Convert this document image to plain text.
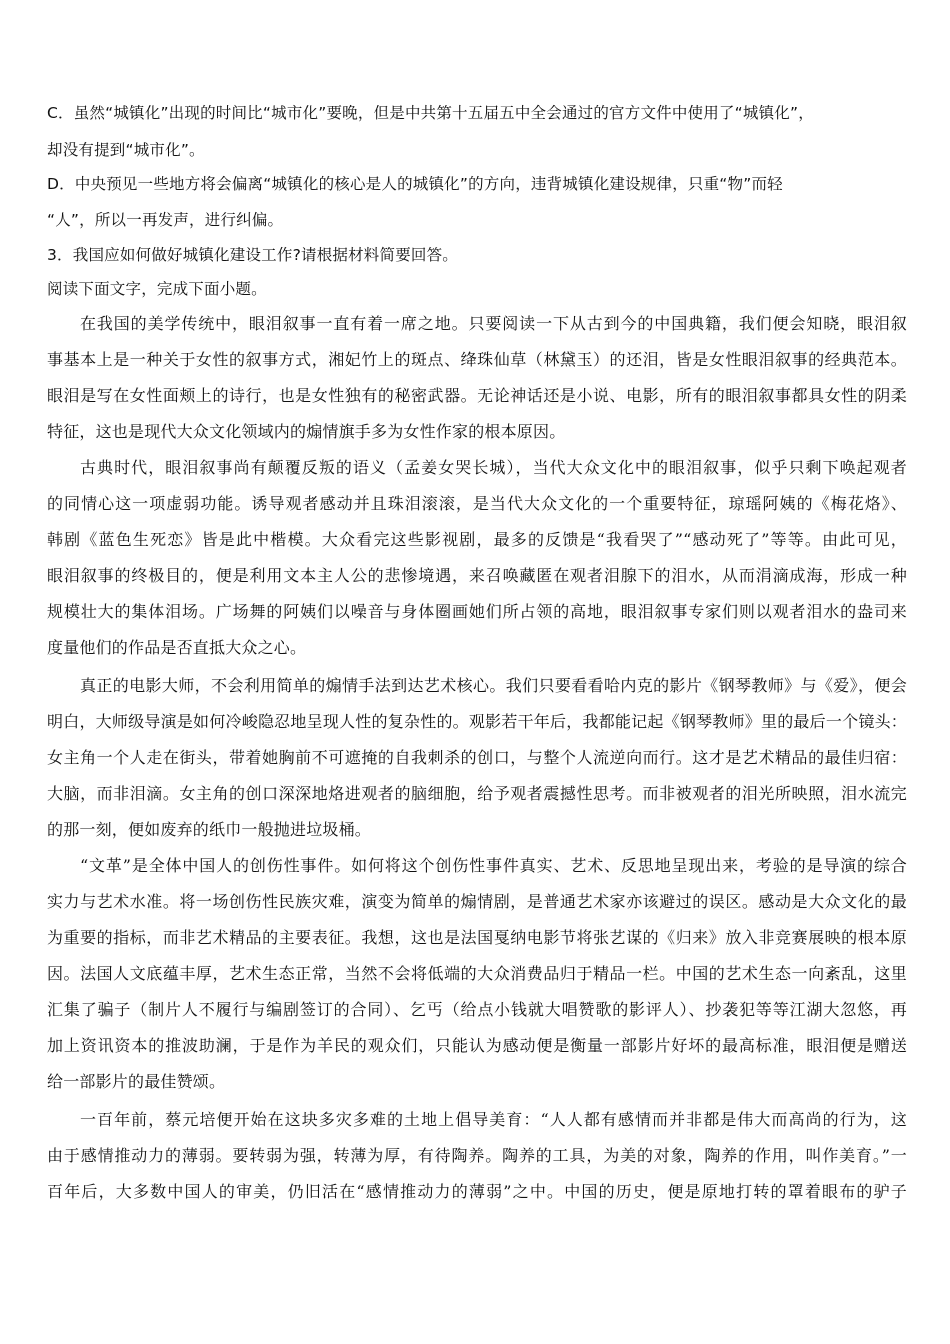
C．虽然“城镇化”出现的时间比“城市化”要晚，但是中共第十五届五中全会通过的官方文件中使用了“城镇化”，
却没有提到“城市化”。
D．中央预见一些地方将会偏离“城镇化的核心是人的城镇化”的方向，违背城镇化建设规律，只重“物”而轻
“人”，所以一再发声，进行纠偏。
3．我国应如何做好城镇化建设工作?请根据材料简要回答。
阅读下面文字，完成下面小题。
在我国的美学传统中，眼泪叙事一直有着一席之地。只要阅读一下从古到今的中国典籍，我们便会知晓，眼泪叙
事基本上是一种关于女性的叙事方式，湘妃竹上的斑点、绛珠仙草（林黛玉）的还泪，皆是女性眼泪叙事的经典范本。
眼泪是写在女性面颊上的诗行，也是女性独有的秘密武器。无论神话还是小说、电影，所有的眼泪叙事都具女性的阴柔
特征，这也是现代大众文化领域内的煽情旗手多为女性作家的根本原因。
古典时代，眼泪叙事尚有颠覆反叛的语义（孟姜女哭长城），当代大众文化中的眼泪叙事，似乎只剩下唤起观者
的同情心这一项虚弱功能。诱导观者感动并且珠泪滚滚，是当代大众文化的一个重要特征，琼瑶阿姨的《梅花烙》、
韩剧《蓝色生死恋》皆是此中楷模。大众看完这些影视剧，最多的反馈是“我看哭了”“感动死了”等等。由此可见，
眼泪叙事的终极目的，便是利用文本主人公的悲惨境遇，来召唤藏匿在观者泪腺下的泪水，从而涓滴成海，形成一种
规模壮大的集体泪场。广场舞的阿姨们以噪音与身体圈画她们所占领的高地，眼泪叙事专家们则以观者泪水的盎司来
度量他们的作品是否直抵大众之心。
真正的电影大师，不会利用简单的煽情手法到达艺术核心。我们只要看看哈内克的影片《钢琴教师》与《爱》，便会
明白，大师级导演是如何冷峻隐忍地呈现人性的复杂性的。观影若干年后，我都能记起《钢琴教师》里的最后一个镜头：
女主角一个人走在街头，带着她胸前不可遮掩的自我刺杀的创口，与整个人流逆向而行。这才是艺术精品的最佳归宿：
大脑，而非泪滴。女主角的创口深深地烙进观者的脑细胞，给予观者震撼性思考。而非被观者的泪光所映照，泪水流完
的那一刻，便如废弃的纸巾一般抛进垃圾桶。
“文革”是全体中国人的创伤性事件。如何将这个创伤性事件真实、艺术、反思地呈现出来，考验的是导演的综合
实力与艺术水准。将一场创伤性民族灾难，演变为简单的煽情剧，是普通艺术家亦该避过的误区。感动是大众文化的最
为重要的指标，而非艺术精品的主要表征。我想，这也是法国戛纳电影节将张艺谋的《归来》放入非竞赛展映的根本原
因。法国人文底蕴丰厚，艺术生态正常，当然不会将低端的大众消费品归于精品一栏。中国的艺术生态一向紊乱，这里
汇集了骗子（制片人不履行与编剧签订的合同）、乞丐（给点小钱就大唱赞歌的影评人）、抄袭犯等等江湖大忽悠，再
加上资讯资本的推波助澜，于是作为羊民的观众们，只能认为感动便是衡量一部影片好坏的最高标准，眼泪便是赠送
给一部影片的最佳赞颂。
一百年前，蔡元培便开始在这块多灾多难的土地上倡导美育：“人人都有感情而并非都是伟大而高尚的行为，这
由于感情推动力的薄弱。要转弱为强，转薄为厚，有待陶养。陶养的工具，为美的对象，陶养的作用，叫作美育。”一
百年后，大多数中国人的审美，仍旧活在“感情推动力的薄弱”之中。中国的历史，便是原地打转的罩着眼布的驴子
